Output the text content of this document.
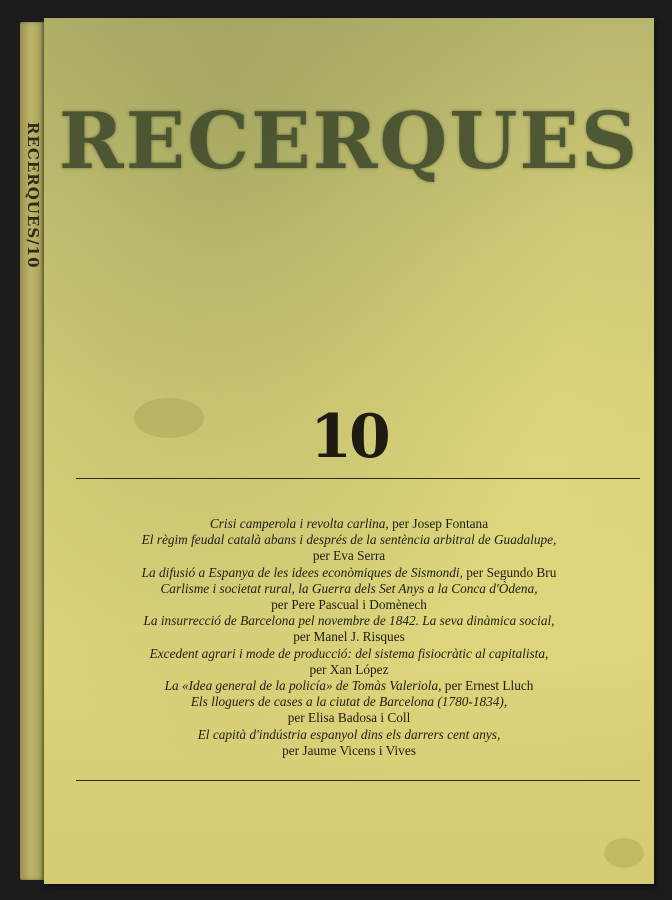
RECERQUES/10 RECERQUES
10
Crisi camperola i revolta carlina, per Josep Fontana
El règim feudal català abans i després de la sentència arbitral de Guadalupe,
per Eva Serra
La difusió a Espanya de les idees econòmiques de Sismondi, per Segundo Bru
Carlisme i societat rural, la Guerra dels Set Anys a la Conca d'Òdena,
per Pere Pascual i Domènech
La insurrecció de Barcelona pel novembre de 1842. La seva dinàmica social,
per Manel J. Risques
Excedent agrari i mode de producció: del sistema fisiocràtic al capitalista,
per Xan López
La «Idea general de la policía» de Tomàs Valeriola, per Ernest Lluch
Els lloguers de cases a la ciutat de Barcelona (1780-1834),
per Elisa Badosa i Coll
El capità d'indústria espanyol dins els darrers cent anys,
per Jaume Vicens i Vives
